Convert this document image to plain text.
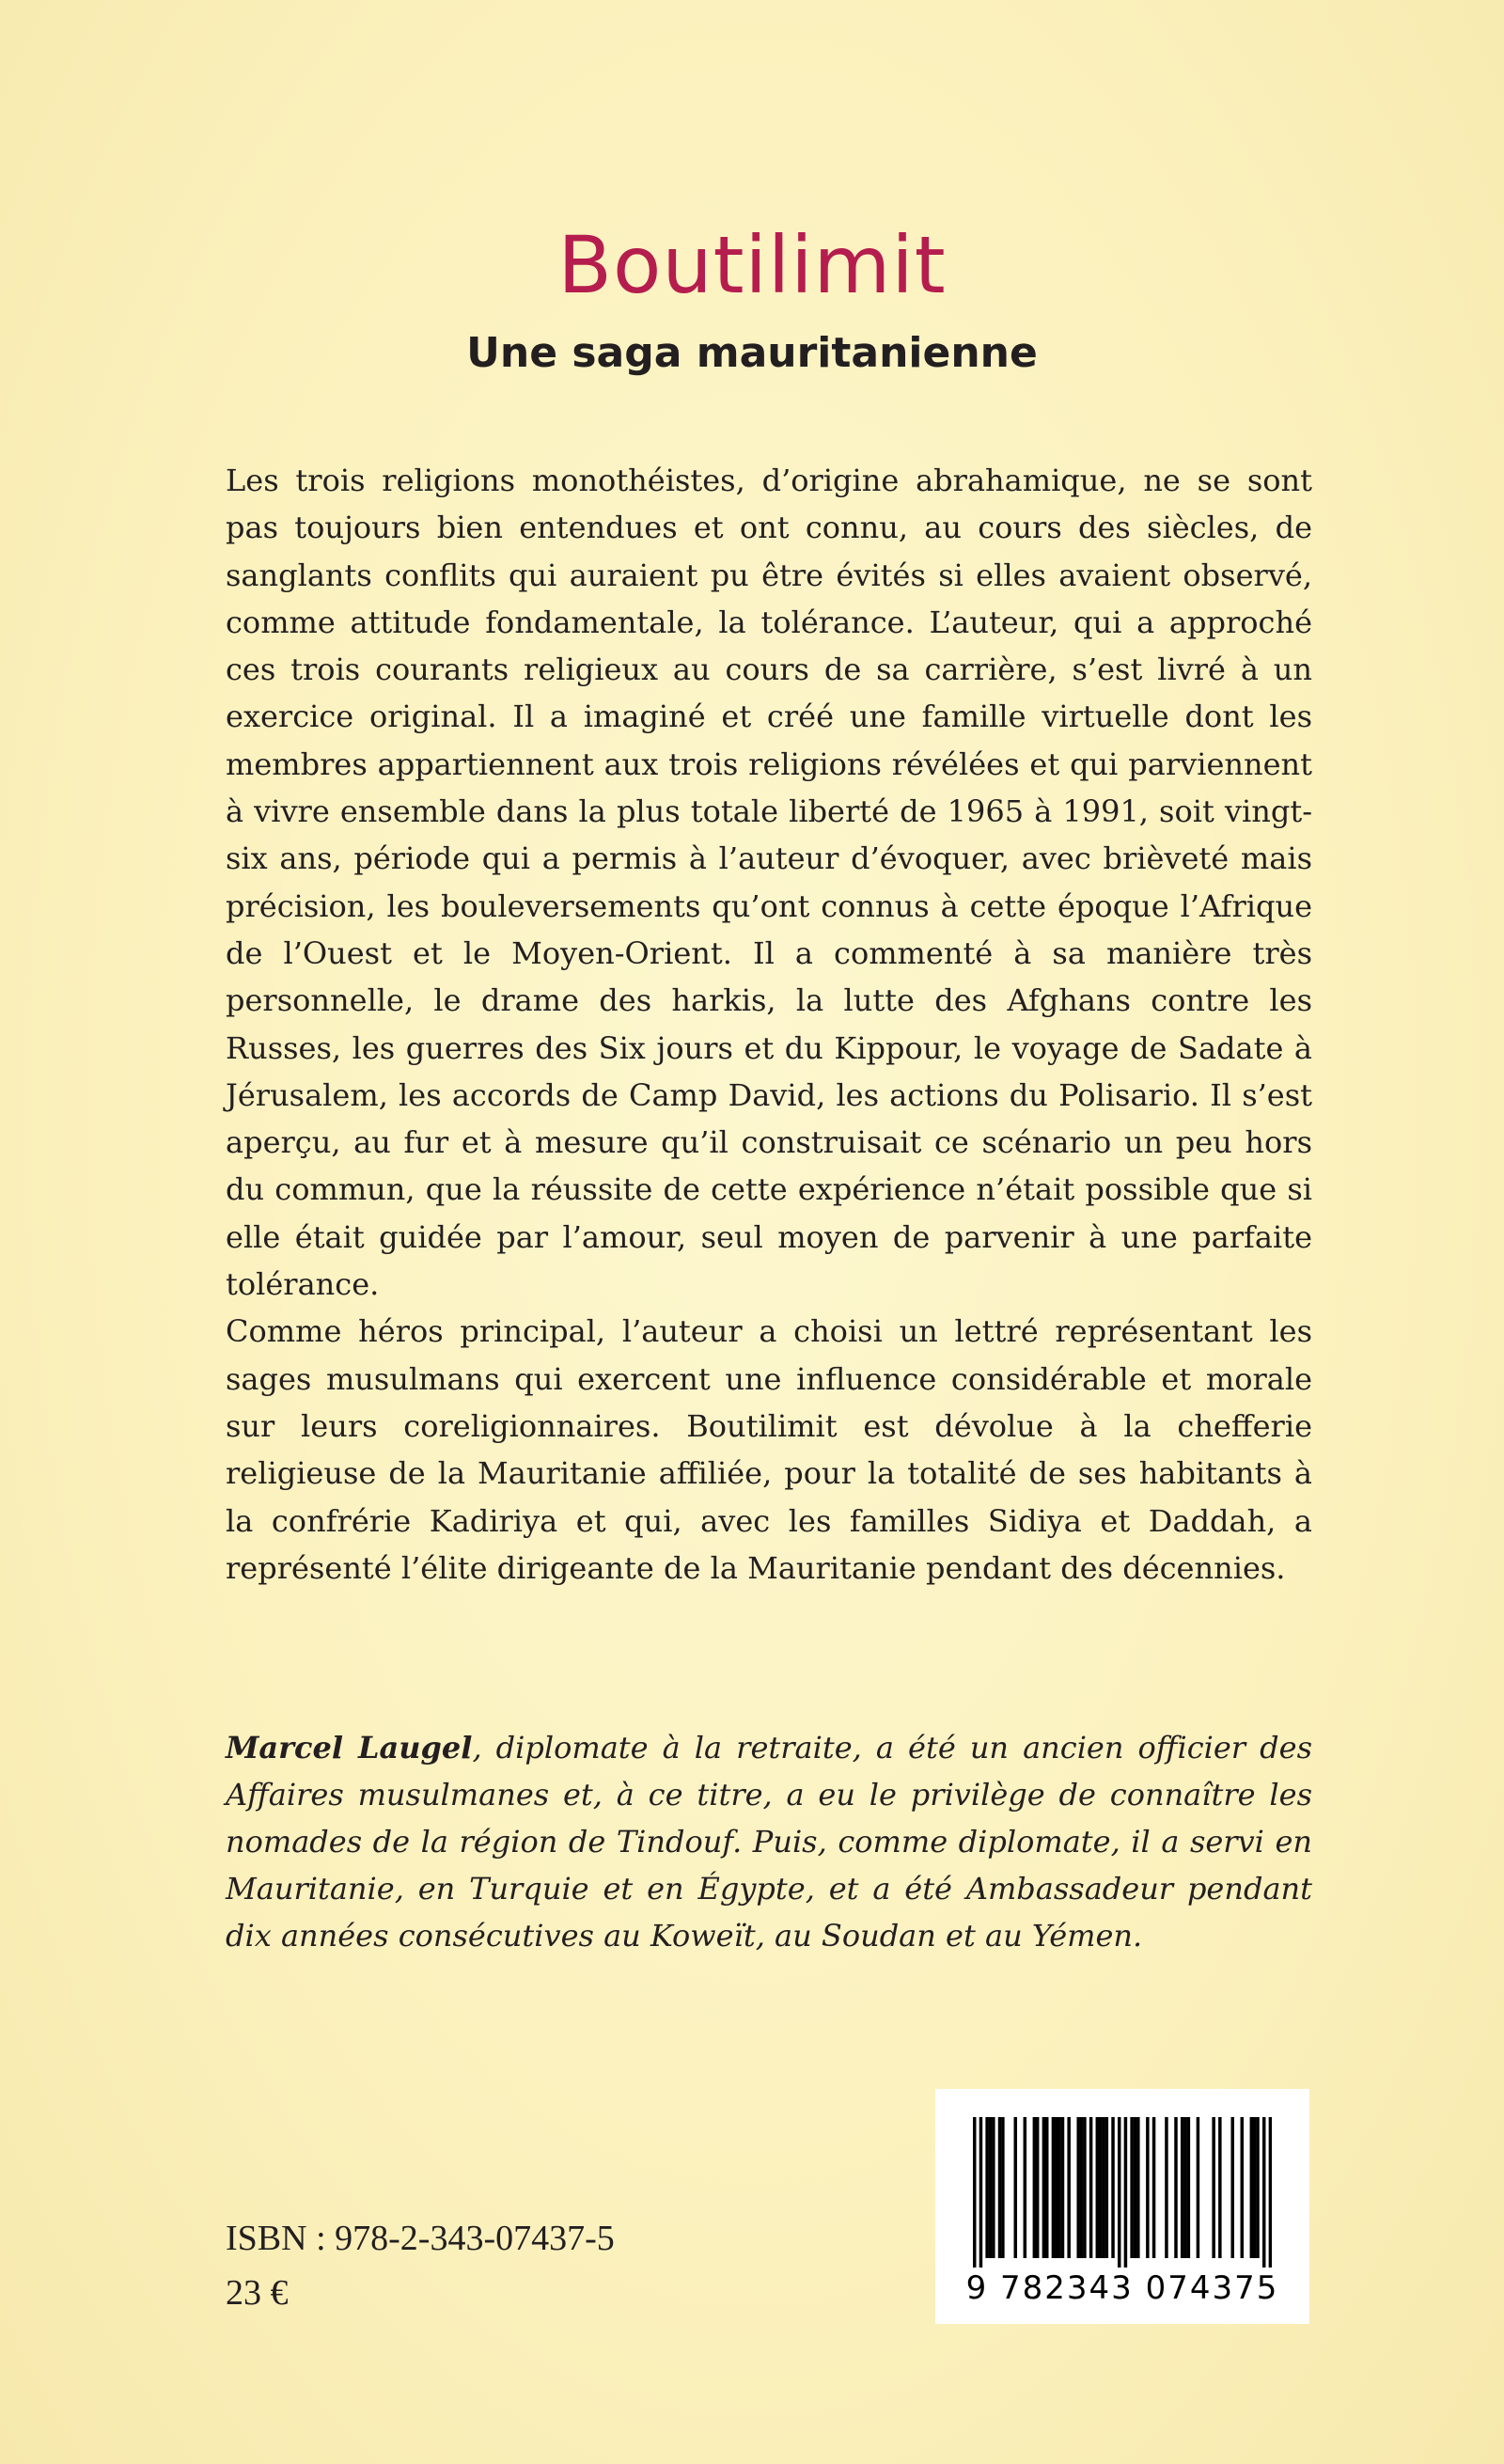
Boutilimit
Une saga mauritanienne

Les trois religions monothéistes, d’origine abrahamique, ne se sont pas toujours bien entendues et ont connu, au cours des siècles, de sanglants conflits qui auraient pu être évités si elles avaient observé, comme attitude fondamentale, la tolérance. L’auteur, qui a approché ces trois courants religieux au cours de sa carrière, s’est livré à un exercice original. Il a imaginé et créé une famille virtuelle dont les membres appartiennent aux trois religions révélées et qui parviennent à vivre ensemble dans la plus totale liberté de 1965 à 1991, soit vingt-six ans, période qui a permis à l’auteur d’évoquer, avec brièveté mais précision, les bouleversements qu’ont connus à cette époque l’Afrique de l’Ouest et le Moyen-Orient. Il a commenté à sa manière très personnelle, le drame des harkis, la lutte des Afghans contre les Russes, les guerres des Six jours et du Kippour, le voyage de Sadate à Jérusalem, les accords de Camp David, les actions du Polisario. Il s’est aperçu, au fur et à mesure qu’il construisait ce scénario un peu hors du commun, que la réussite de cette expérience n’était possible que si elle était guidée par l’amour, seul moyen de parvenir à une parfaite tolérance.

Comme héros principal, l’auteur a choisi un lettré représentant les sages musulmans qui exercent une influence considérable et morale sur leurs coreligionnaires. Boutilimit est dévolue à la chefferie religieuse de la Mauritanie affiliée, pour la totalité de ses habitants à la confrérie Kadiriya et qui, avec les familles Sidiya et Daddah, a représenté l’élite dirigeante de la Mauritanie pendant des décennies.

Marcel Laugel, diplomate à la retraite, a été un ancien officier des Affaires musulmanes et, à ce titre, a eu le privilège de connaître les nomades de la région de Tindouf. Puis, comme diplomate, il a servi en Mauritanie, en Turquie et en Égypte, et a été Ambassadeur pendant dix années consécutives au Koweït, au Soudan et au Yémen.

ISBN : 978-2-343-07437-5
23 €	9 782343 074375
